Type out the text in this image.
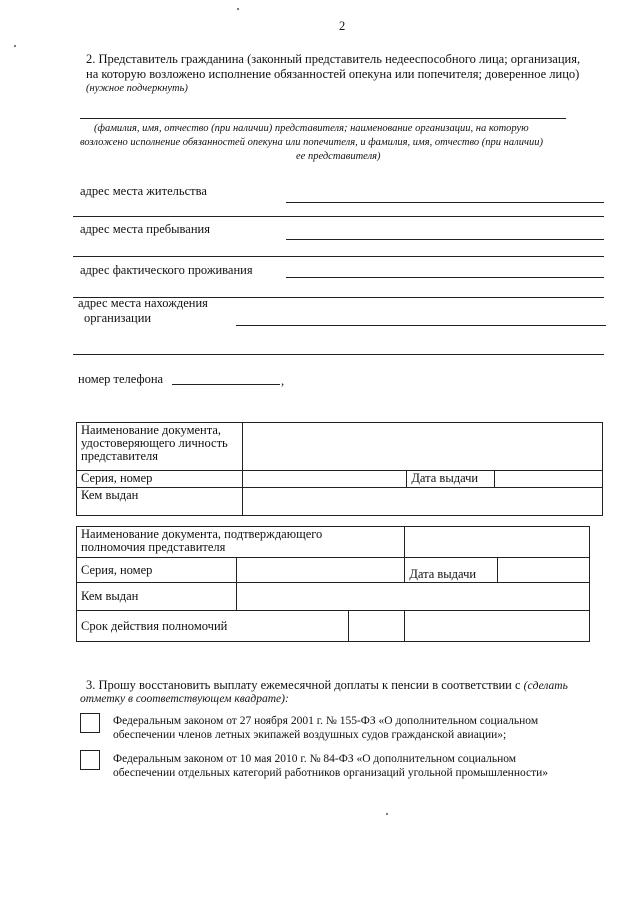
2
2. Представитель гражданина (законный представитель недееспособного лица; организация,
на которую возложено исполнение обязанностей опекуна или попечителя; доверенное лицо)
(нужное подчеркнуть)
(фамилия, имя, отчество (при наличии) представителя; наименование организации, на которую
возложено исполнение обязанностей опекуна или попечителя, и фамилия, имя, отчество (при наличии)
ее представителя)
адрес места жительства
адрес места пребывания
адрес фактического проживания
адрес места нахождения
организации
номер телефона	,
Наименование документа,
удостоверяющего личность
представителя			

Серия, номер		Дата выдачи	
Кем выдан			
Наименование документа, подтверждающего
полномочия представителя				

Серия, номер			Дата выдачи	
Кем выдан				
Срок действия полномочий				
3. Прошу восстановить выплату ежемесячной доплаты к пенсии в соответствии с (сделать
отметку в соответствующем квадрате):
Федеральным законом от 27 ноября 2001 г. № 155-ФЗ «О дополнительном социальном
обеспечении членов летных экипажей воздушных судов гражданской авиации»;
Федеральным законом от 10 мая 2010 г. № 84-ФЗ «О дополнительном социальном
обеспечении отдельных категорий работников организаций угольной промышленности»
